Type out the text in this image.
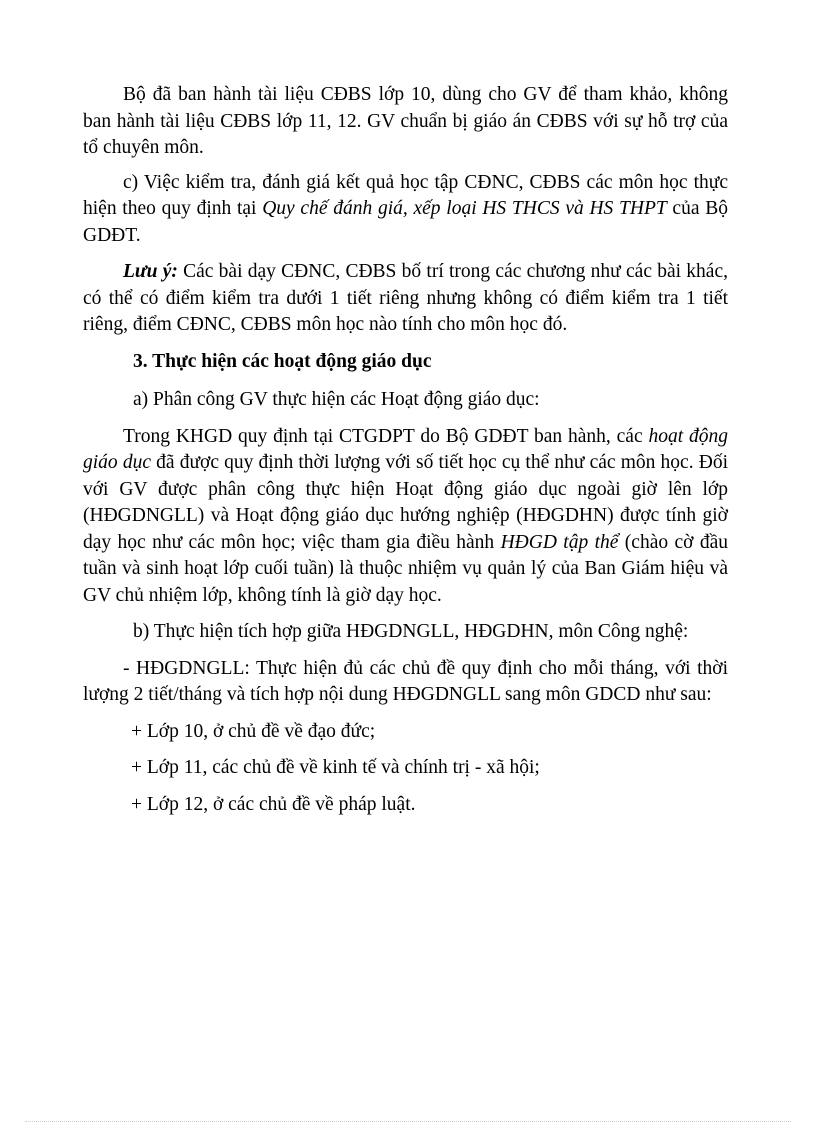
Bộ đã ban hành tài liệu CĐBS lớp 10, dùng cho GV để tham khảo, không ban hành tài liệu CĐBS lớp 11, 12. GV chuẩn bị giáo án CĐBS với sự hỗ trợ của tổ chuyên môn.

c) Việc kiểm tra, đánh giá kết quả học tập CĐNC, CĐBS các môn học thực hiện theo quy định tại Quy chế đánh giá, xếp loại HS THCS và HS THPT của Bộ GDĐT.

Lưu ý: Các bài dạy CĐNC, CĐBS bố trí trong các chương như các bài khác, có thể có điểm kiểm tra dưới 1 tiết riêng nhưng không có điểm kiểm tra 1 tiết riêng, điểm CĐNC, CĐBS môn học nào tính cho môn học đó.

3. Thực hiện các hoạt động giáo dục

a) Phân công GV thực hiện các Hoạt động giáo dục:

Trong KHGD quy định tại CTGDPT do Bộ GDĐT ban hành, các hoạt động giáo dục đã được quy định thời lượng với số tiết học cụ thể như các môn học. Đối với GV được phân công thực hiện Hoạt động giáo dục ngoài giờ lên lớp (HĐGDNGLL) và Hoạt động giáo dục hướng nghiệp (HĐGDHN) được tính giờ dạy học như các môn học; việc tham gia điều hành HĐGD tập thể (chào cờ đầu tuần và sinh hoạt lớp cuối tuần) là thuộc nhiệm vụ quản lý của Ban Giám hiệu và GV chủ nhiệm lớp, không tính là giờ dạy học.

b) Thực hiện tích hợp giữa HĐGDNGLL, HĐGDHN, môn Công nghệ:

- HĐGDNGLL: Thực hiện đủ các chủ đề quy định cho mỗi tháng, với thời lượng 2 tiết/tháng và tích hợp nội dung HĐGDNGLL sang môn GDCD như sau:

+ Lớp 10, ở chủ đề về đạo đức;

+ Lớp 11, các chủ đề về kinh tế và chính trị - xã hội;

+ Lớp 12, ở các chủ đề về pháp luật.
